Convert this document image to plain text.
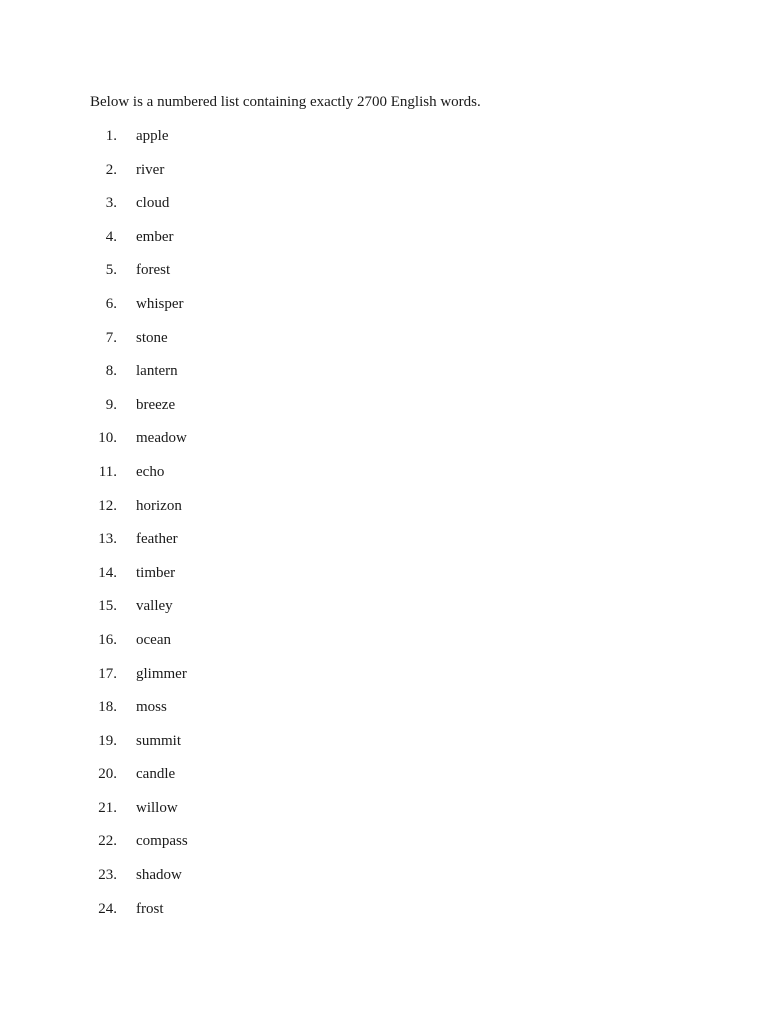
Below is a numbered list containing exactly 2700 English words.

1. apple
2. river
3. cloud
4. ember
5. forest
6. whisper
7. stone
8. lantern
9. breeze
10. meadow
11. echo
12. horizon
13. feather
14. timber
15. valley
16. ocean
17. glimmer
18. moss
19. summit
20. candle
21. willow
22. compass
23. shadow
24. frost
